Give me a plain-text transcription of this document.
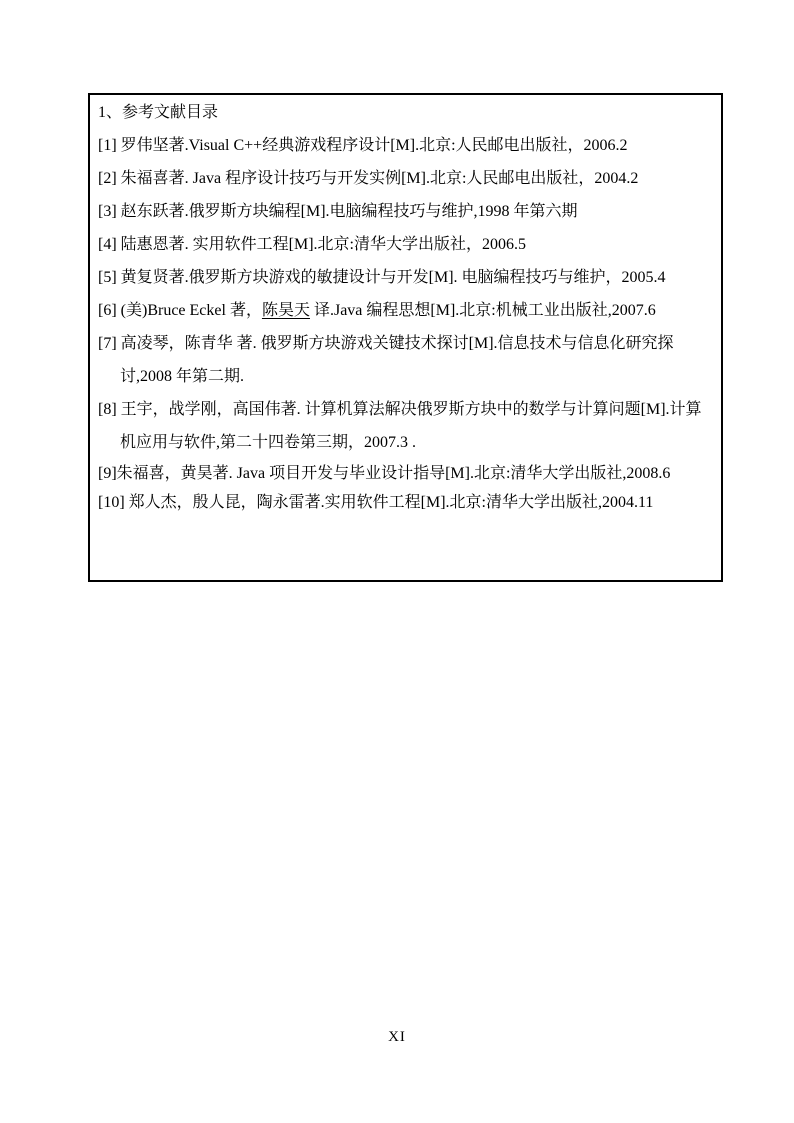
1、参考文献目录
[1] 罗伟坚著.Visual C++经典游戏程序设计[M].北京:人民邮电出版社，2006.2
[2] 朱福喜著. Java 程序设计技巧与开发实例[M].北京:人民邮电出版社，2004.2
[3] 赵东跃著.俄罗斯方块编程[M].电脑编程技巧与维护,1998 年第六期
[4] 陆惠恩著. 实用软件工程[M].北京:清华大学出版社，2006.5
[5] 黄复贤著.俄罗斯方块游戏的敏捷设计与开发[M]. 电脑编程技巧与维护，2005.4
[6] (美)Bruce Eckel 著， 陈昊天 译.Java 编程思想[M].北京:机械工业出版社,2007.6
[7] 高凌琴，陈青华 著. 俄罗斯方块游戏关键技术探讨[M].信息技术与信息化研究探
讨,2008 年第二期.
[8] 王宇，战学刚，高国伟著. 计算机算法解决俄罗斯方块中的数学与计算问题[M].计算
机应用与软件,第二十四卷第三期，2007.3 .
[9]朱福喜，黄昊著. Java 项目开发与毕业设计指导[M].北京:清华大学出版社,2008.6
[10] 郑人杰，殷人昆，陶永雷著.实用软件工程[M].北京:清华大学出版社,2004.11
XI
